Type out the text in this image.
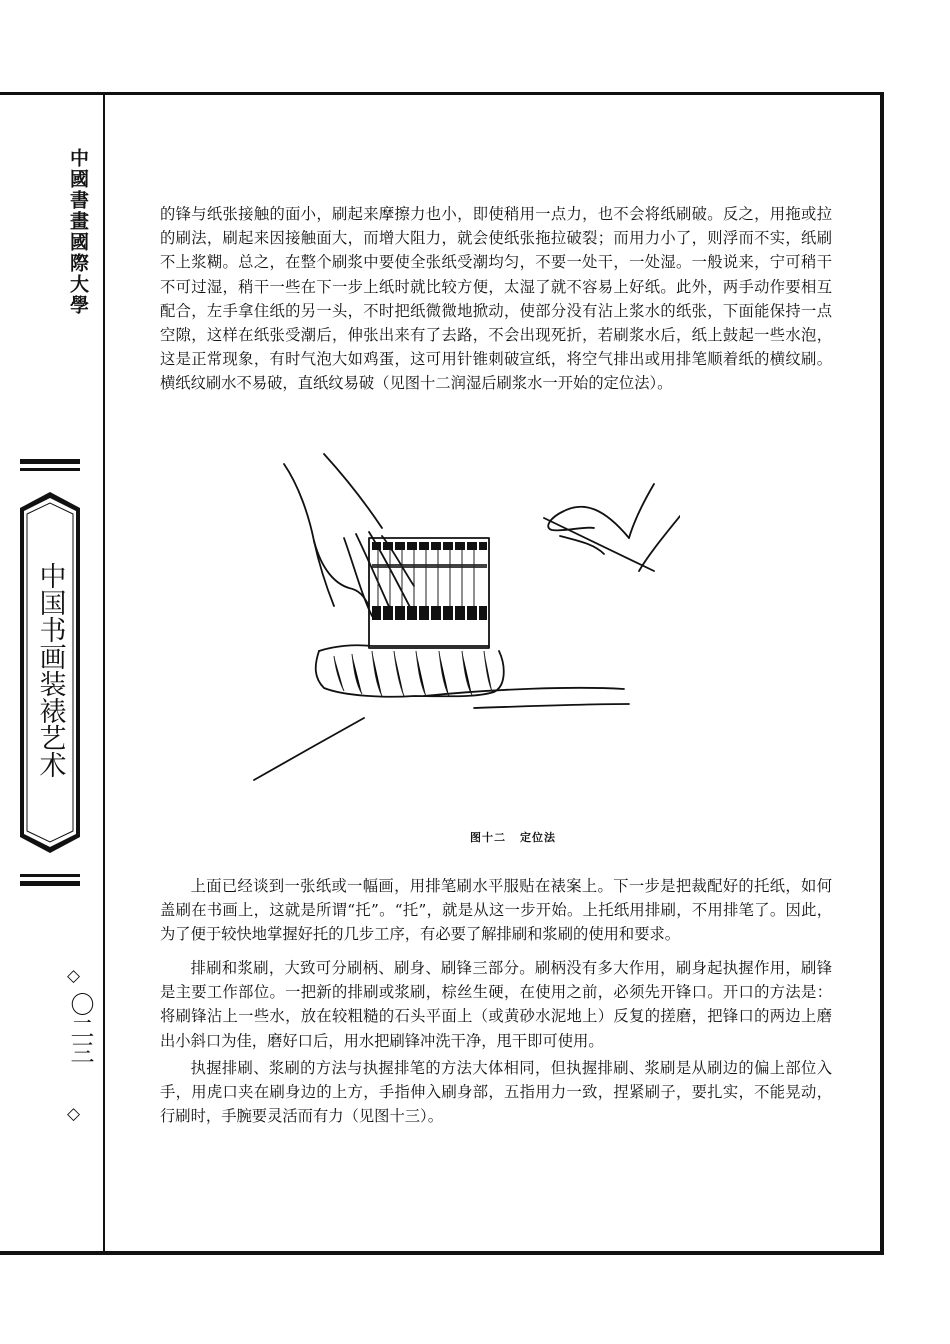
中國書畫國際大學
中国书画装裱艺术
◇
〇二三
◇

的锋与纸张接触的面小，刷起来摩擦力也小，即使稍用一点力，也不会将纸刷破。反之，用拖或拉的刷法，刷起来因接触面大，而增大阻力，就会使纸张拖拉破裂；而用力小了，则浮而不实，纸刷不上浆糊。总之，在整个刷浆中要使全张纸受潮均匀，不要一处干，一处湿。一般说来，宁可稍干不可过湿，稍干一些在下一步上纸时就比较方便，太湿了就不容易上好纸。此外，两手动作要相互配合，左手拿住纸的另一头，不时把纸微微地掀动，使部分没有沾上浆水的纸张，下面能保持一点空隙，这样在纸张受潮后，伸张出来有了去路，不会出现死折，若刷浆水后，纸上鼓起一些水泡，这是正常现象，有时气泡大如鸡蛋，这可用针锥刺破宣纸，将空气排出或用排笔顺着纸的横纹刷。横纸纹刷水不易破，直纸纹易破（见图十二润湿后刷浆水一开始的定位法）。

图十二 定位法

上面已经谈到一张纸或一幅画，用排笔刷水平服贴在裱案上。下一步是把裁配好的托纸，如何盖刷在书画上，这就是所谓“托”。“托”，就是从这一步开始。上托纸用排刷，不用排笔了。因此，为了便于较快地掌握好托的几步工序，有必要了解排刷和浆刷的使用和要求。

排刷和浆刷，大致可分刷柄、刷身、刷锋三部分。刷柄没有多大作用，刷身起执握作用，刷锋是主要工作部位。一把新的排刷或浆刷，棕丝生硬，在使用之前，必须先开锋口。开口的方法是：将刷锋沾上一些水，放在较粗糙的石头平面上（或黄砂水泥地上）反复的搓磨，把锋口的两边上磨出小斜口为佳，磨好口后，用水把刷锋冲洗干净，甩干即可使用。

执握排刷、浆刷的方法与执握排笔的方法大体相同，但执握排刷、浆刷是从刷边的偏上部位入手，用虎口夹在刷身边的上方，手指伸入刷身部，五指用力一致，捏紧刷子，要扎实，不能晃动，行刷时，手腕要灵活而有力（见图十三）。
